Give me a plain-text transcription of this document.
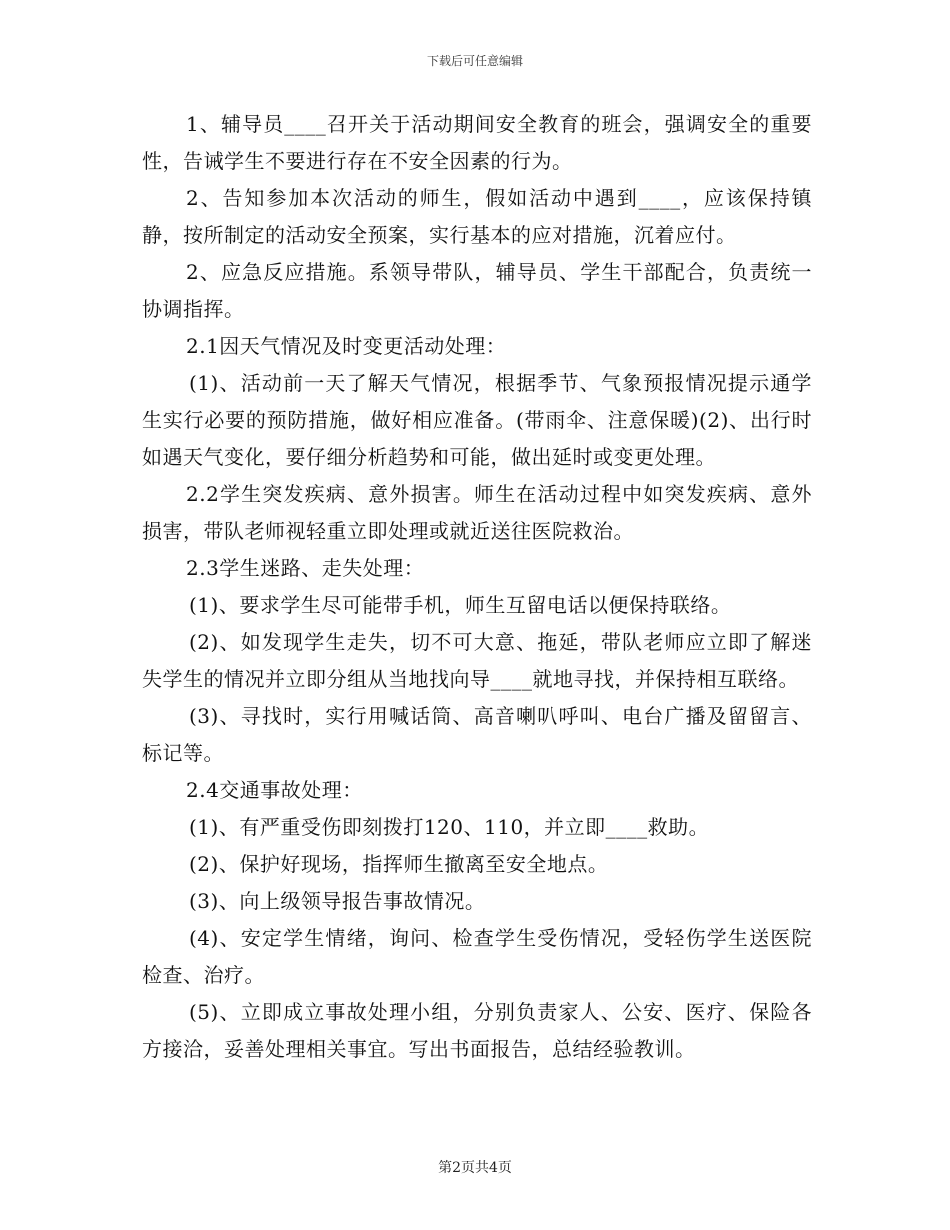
下载后可任意编辑

1、辅导员____召开关于活动期间安全教育的班会，强调安全的重要性，告诫学生不要进行存在不安全因素的行为。

2、告知参加本次活动的师生，假如活动中遇到____，应该保持镇静，按所制定的活动安全预案，实行基本的应对措施，沉着应付。

2、应急反应措施。系领导带队，辅导员、学生干部配合，负责统一协调指挥。

2.1因天气情况及时变更活动处理：

(1)、活动前一天了解天气情况，根据季节、气象预报情况提示通学生实行必要的预防措施，做好相应准备。(带雨伞、注意保暖)(2)、出行时如遇天气变化，要仔细分析趋势和可能，做出延时或变更处理。

2.2学生突发疾病、意外损害。师生在活动过程中如突发疾病、意外损害，带队老师视轻重立即处理或就近送往医院救治。

2.3学生迷路、走失处理：

(1)、要求学生尽可能带手机，师生互留电话以便保持联络。

(2)、如发现学生走失，切不可大意、拖延，带队老师应立即了解迷失学生的情况并立即分组从当地找向导____就地寻找，并保持相互联络。

(3)、寻找时，实行用喊话筒、高音喇叭呼叫、电台广播及留留言、标记等。

2.4交通事故处理：

(1)、有严重受伤即刻拨打120、110，并立即____救助。

(2)、保护好现场，指挥师生撤离至安全地点。

(3)、向上级领导报告事故情况。

(4)、安定学生情绪，询问、检查学生受伤情况，受轻伤学生送医院检查、治疗。

(5)、立即成立事故处理小组，分别负责家人、公安、医疗、保险各方接洽，妥善处理相关事宜。写出书面报告，总结经验教训。

第2页共4页
